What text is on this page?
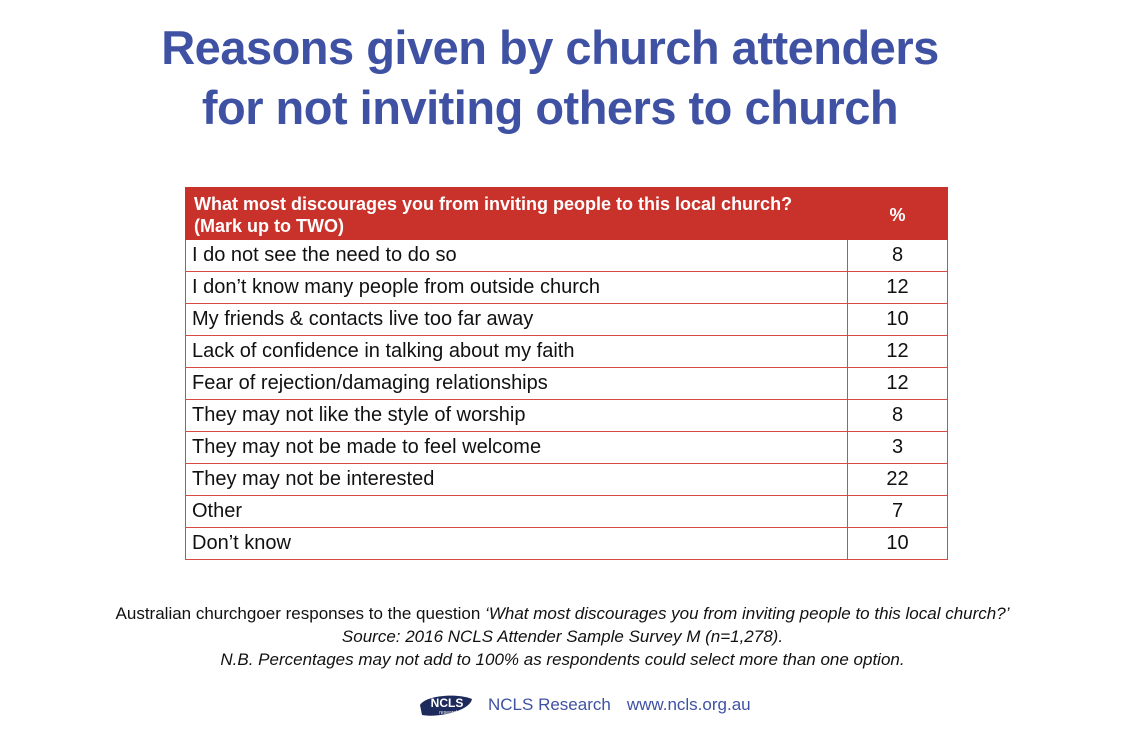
Reasons given by church attenders
for not inviting others to church
What most discourages you from inviting people to this local church? (Mark up to TWO)	%
I do not see the need to do so	8
I don’t know many people from outside church	12
My friends & contacts live too far away	10
Lack of confidence in talking about my faith	12
Fear of rejection/damaging relationships	12
They may not like the style of worship	8
They may not be made to feel welcome	3
They may not be interested	22
Other	7
Don’t know	10
Australian churchgoer responses to the question ‘What most discourages you from inviting people to this local church?’
Source: 2016 NCLS Attender Sample Survey M (n=1,278).
N.B. Percentages may not add to 100% as respondents could select more than one option.
NCLS
research NCLS Research www.ncls.org.au
